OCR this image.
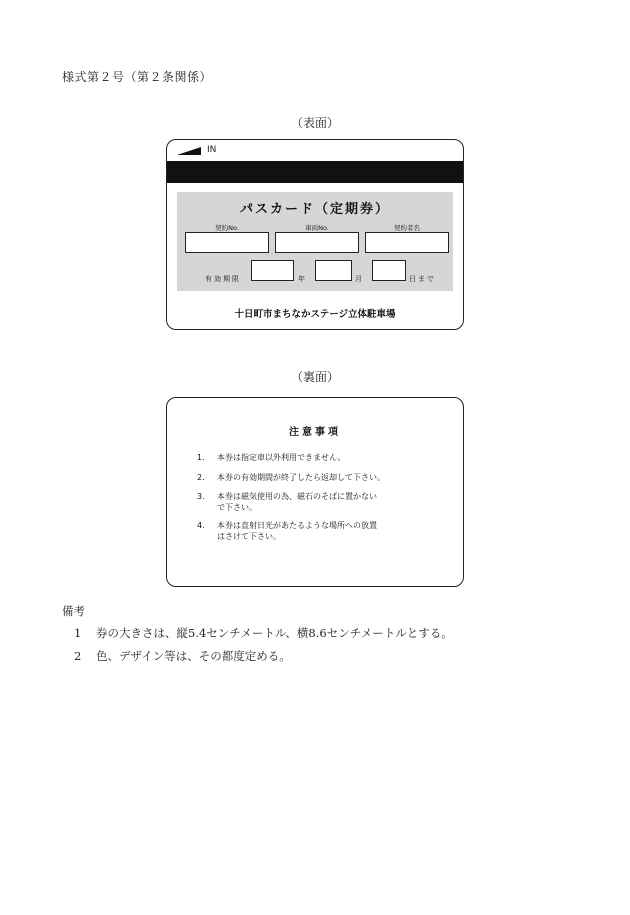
様式第２号（第２条関係）
（表面）
IN
パスカード（定期券）
契約No.	車両No.	契約者名
有効期限	年	月	日まで
十日町市まちなかステージ立体駐車場
（裏面）
注意事項
1.	本券は指定車以外利用できません。
2.	本券の有効期間が終了したら返却して下さい。
3.	本券は磁気使用の為、磁石のそばに置かない
で下さい。
4.	本券は直射日光があたるような場所への放置
はさけて下さい。
備考
1 券の大きさは、縦5.4センチメートル、横8.6センチメートルとする。
2 色、デザイン等は、その都度定める。
